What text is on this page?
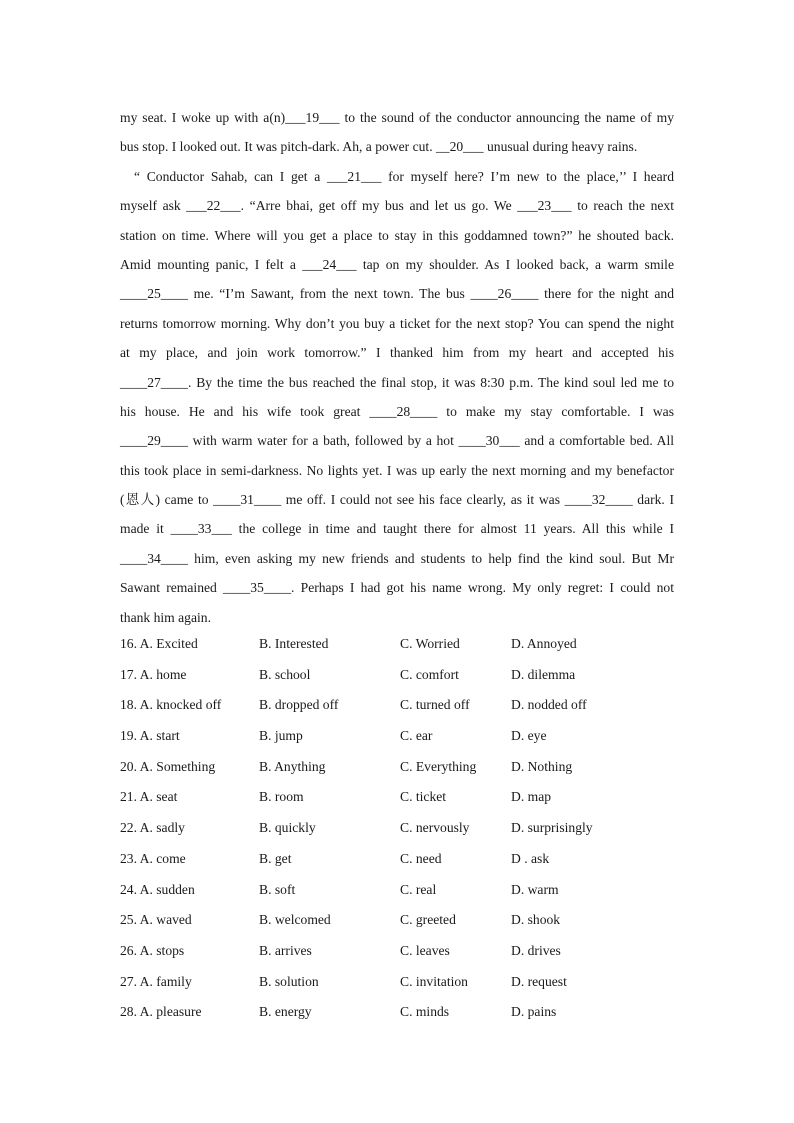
my seat. I woke up with a(n)___19___ to the sound of the conductor announcing the name of my
bus stop. I looked out. It was pitch-dark. Ah, a power cut. __20___ unusual during heavy rains.
“ Conductor Sahab, can I get a ___21___ for myself here? I’m new to the place,’’ I heard
myself ask ___22___. “Arre bhai, get off my bus and let us go. We ___23___ to reach the next
station on time. Where will you get a place to stay in this goddamned town?” he shouted back.
Amid mounting panic, I felt a ___24___ tap on my shoulder. As I looked back, a warm smile
____25____ me. “I’m Sawant, from the next town. The bus ____26____ there for the night and
returns tomorrow morning. Why don’t you buy a ticket for the next stop? You can spend the night
at my place, and join work tomorrow.” I thanked him from my heart and accepted his
____27____. By the time the bus reached the final stop, it was 8:30 p.m. The kind soul led me to
his house. He and his wife took great ____28____ to make my stay comfortable. I was
____29____ with warm water for a bath, followed by a hot ____30___ and a comfortable bed. All
this took place in semi-darkness. No lights yet. I was up early the next morning and my benefactor
(恩人) came to ____31____ me off. I could not see his face clearly, as it was ____32____ dark. I
made it ____33___ the college in time and taught there for almost 11 years. All this while I
____34____ him, even asking my new friends and students to help find the kind soul. But Mr
Sawant remained ____35____. Perhaps I had got his name wrong. My only regret: I could not
thank him again.
16. A. Excited	B. Interested	C. Worried	D. Annoyed
17. A. home	B. school	C. comfort	D. dilemma
18. A. knocked off	B. dropped off	C. turned off	D. nodded off
19. A. start	B. jump	C. ear	D. eye
20. A. Something	B. Anything	C. Everything	D. Nothing
21. A. seat	B. room	C. ticket	D. map
22. A. sadly	B. quickly	C. nervously	D. surprisingly
23. A. come	B. get	C. need	D . ask
24. A. sudden	B. soft	C. real	D. warm
25. A. waved	B. welcomed	C. greeted	D. shook
26. A. stops	B. arrives	C. leaves	D. drives
27. A. family	B. solution	C. invitation	D. request
28. A. pleasure	B. energy	C. minds	D. pains
